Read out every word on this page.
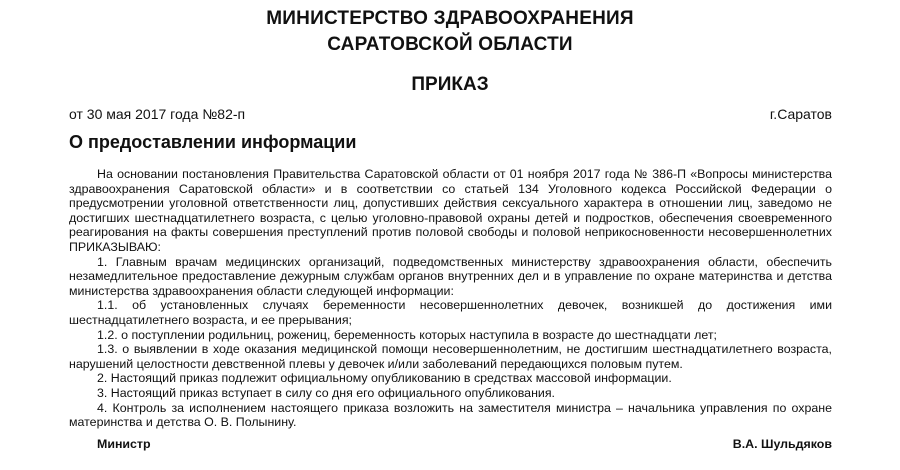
МИНИСТЕРСТВО ЗДРАВООХРАНЕНИЯ
САРАТОВСКОЙ ОБЛАСТИ
ПРИКАЗ
от 30 мая 2017 года №82-п	г.Саратов
О предоставлении информации

На основании постановления Правительства Саратовской области от 01 ноября 2017 года № 386-П «Вопросы министерства здравоохранения Саратовской области» и в соответствии со статьей 134 Уголовного кодекса Российской Федерации о предусмотрении уголовной ответственности лиц, допустивших действия сексуального характера в отношении лиц, заведомо не достигших шестнадцатилетнего возраста, с целью уголовно-правовой охраны детей и подростков, обеспечения своевременного реагирования на факты совершения преступлений против половой свободы и половой неприкосновенности несовершеннолетних ПРИКАЗЫВАЮ:

1. Главным врачам медицинских организаций, подведомственных министерству здравоохранения области, обеспечить незамедлительное предоставление дежурным службам органов внутренних дел и в управление по охране материнства и детства министерства здравоохранения области следующей информации:

1.1. об установленных случаях беременности несовершеннолетних девочек, возникшей до достижения ими шестнадцатилетнего возраста, и ее прерывания;

1.2. о поступлении родильниц, рожениц, беременность которых наступила в возрасте до шестнадцати лет;

1.3. о выявлении в ходе оказания медицинской помощи несовершеннолетним, не достигшим шестнадцатилетнего возраста, нарушений целостности девственной плевы у девочек и/или заболеваний передающихся половым путем.

2. Настоящий приказ подлежит официальному опубликованию в средствах массовой информации.

3. Настоящий приказ вступает в силу со дня его официального опубликования.

4. Контроль за исполнением настоящего приказа возложить на заместителя министра – начальника управления по охране материнства и детства О. В. Полынину.

Министр	В.А. Шульдяков
